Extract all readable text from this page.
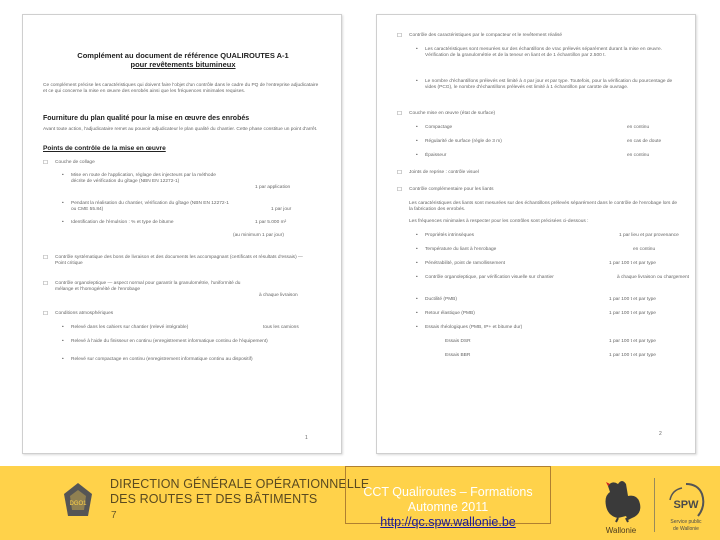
Complément au document de référence QUALIROUTES A-1
pour revêtements bitumineux
Ce complément précise les caractéristiques qui doivent faire l'objet d'un contrôle dans le cadre du PQ de l'entreprise adjudicataire et ce qui concerne la mise en œuvre des enrobés ainsi que les fréquences minimales requises.
Fourniture du plan qualité pour la mise en œuvre des enrobés
Avant toute action, l'adjudicataire remet au pouvoir adjudicateur le plan qualité du chantier. Cette phase constitue un point d'arrêt.
Points de contrôle de la mise en œuvre
☐ Couche de collage
• Mise en route de l'application, réglage des injecteurs par la méthode décrite de vérification du gîtage (NBN EN 12272-1)
1 par application
• Pendant la réalisation du chantier, vérification du gîtage (NBN EN 12272-1 ou CME 55.84)	1 par jour
• Identification de l'émulsion : % et type de bitume	1 par 5.000 m²
(au minimum 1 par jour)
☐ Contrôle systématique des bons de livraison et des documents les accompagnant (certificats et résultats d'essais) — Point critique
☐ Contrôle organoleptique — aspect normal pour garantir la granulométrie, l'uniformité du mélange et l'homogénéité de l'enrobage
à chaque livraison
☐ Conditions atmosphériques
• Relevé dans les cahiers sur chantier (relevé intégrable)	tous les camions
• Relevé à l'aide du finisseur en continu (enregistrement informatique continu de l'équipement)
• Relevé sur compactage en continu (enregistrement informatique continu au dispositif)
1
☐ Contrôle des caractéristiques par le compacteur et le revêtement réalisé
• Les caractéristiques sont mesurées sur des échantillons de vrac prélevés séparément durant la mise en œuvre. Vérification de la granulométrie et de la teneur en liant et de 1 échantillon par 2.500 t.
• Le nombre d'échantillons prélevés est limité à 4 par jour et par type. Toutefois, pour la vérification du pourcentage de vides (PCG), le nombre d'échantillons prélevés est limité à 1 échantillon par carotte de ouvrage.
☐ Couche mise en œuvre (état de surface)
• Compactage	en continu
• Régularité de surface (règle de 3 m)	en cas de doute
• Épaisseur	en continu
☐ Joints de reprise : contrôle visuel
☐ Contrôle complémentaire pour les liants
Les caractéristiques des liants sont mesurées sur des échantillons prélevés séparément dans le contrôle de l'enrobage lors de la fabrication des enrobés.
Les fréquences minimales à respecter pour les contrôles sont précisées ci-dessous :
• Propriétés intrinsèques	1 par lieu et par provenance
• Température du liant à l'enrobage	en continu
• Pénétrabilité, point de ramollissement	1 par 100 t et par type
• Contrôle organoleptique, par vérification visuelle sur chantier	à chaque livraison ou chargement
• Ductilité (PMB)	1 par 100 t et par type
• Retour élastique (PMB)	1 par 100 t et par type
• Essais rhéologiques (PMB, IP+ et bitume dur)
Essais DSR	1 par 100 t et par type
Essais BBR	1 par 100 t et par type
2
DGO1
DIRECTION GÉNÉRALE OPÉRATIONNELLE
DES ROUTES ET DES BÂTIMENTS
7
CCT Qualiroutes – Formations
Automne 2011
http://qc.spw.wallonie.be
Wallonie
SPW
Service public
de Wallonie
